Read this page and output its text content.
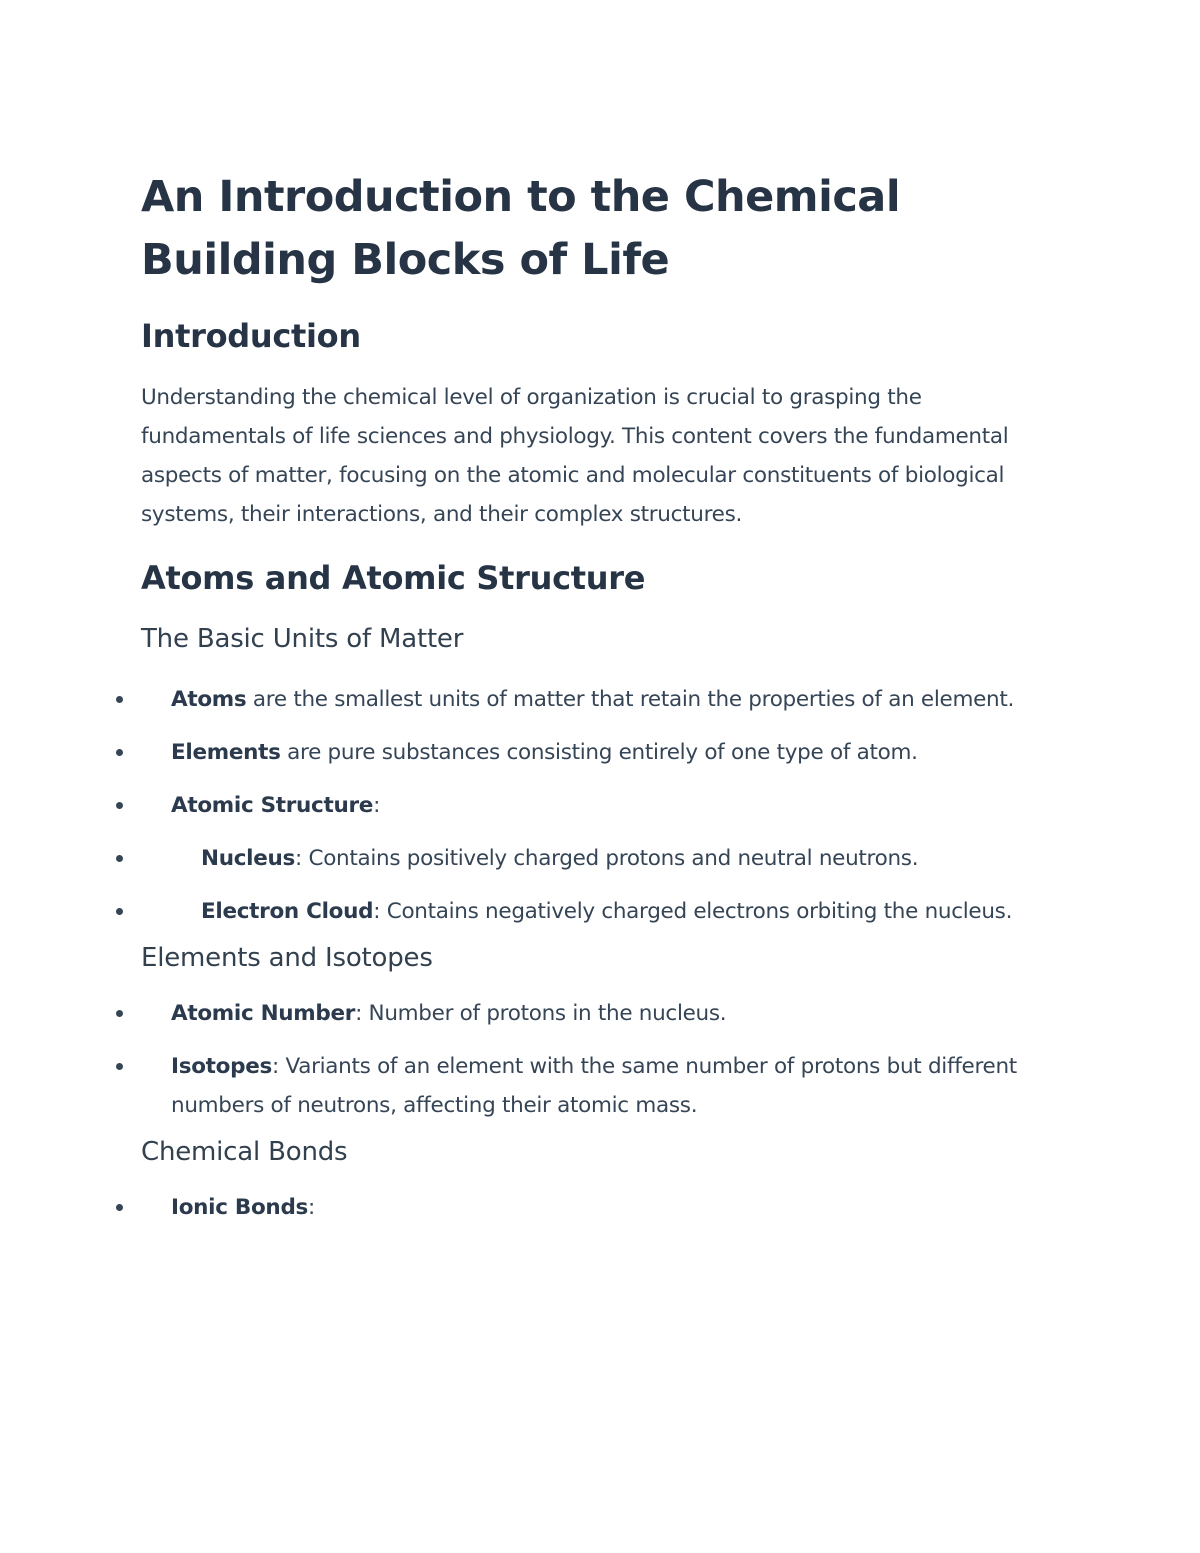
An Introduction to the Chemical Building Blocks of Life
Introduction

Understanding the chemical level of organization is crucial to grasping the fundamentals of life sciences and physiology. This content covers the fundamental aspects of matter, focusing on the atomic and molecular constituents of biological systems, their interactions, and their complex structures.

Atoms and Atomic Structure
The Basic Units of Matter
Atoms are the smallest units of matter that retain the properties of an element.
Elements are pure substances consisting entirely of one type of atom.
Atomic Structure:
Nucleus: Contains positively charged protons and neutral neutrons.
Electron Cloud: Contains negatively charged electrons orbiting the nucleus.
Elements and Isotopes
Atomic Number: Number of protons in the nucleus.
Isotopes: Variants of an element with the same number of protons but different numbers of neutrons, affecting their atomic mass.
Chemical Bonds
Ionic Bonds:
